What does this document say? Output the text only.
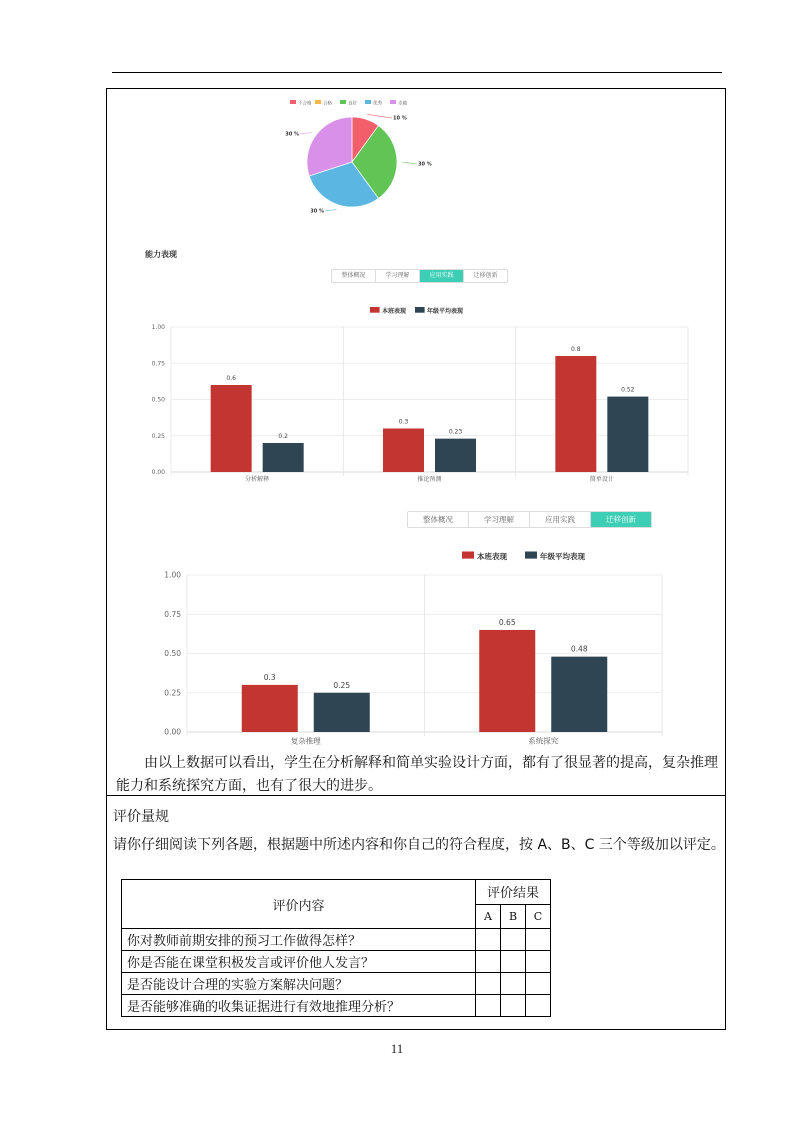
不合格	合格	良好	优秀	卓越
10 %
30 %
30 %
30 %
能力表现
整体概况	学习理解	应用实践	迁移创新
本班表现	年级平均表现
0.00
0.25
0.50
0.75
1.00
分析解释
0.6
0.2
推论预测
0.3
0.23
简单设计
0.8
0.52
整体概况	学习理解	应用实践	迁移创新
本班表现	年级平均表现
0.00
0.25
0.50
0.75
1.00
复杂推理
0.3
0.25
系统探究
0.65
0.48
由以上数据可以看出，学生在分析解释和简单实验设计方面，都有了很显著的提高，复杂推理能力和系统探究方面，也有了很大的进步。
评价量规
请你仔细阅读下列各题，根据题中所述内容和你自己的符合程度，按 A、B、C 三个等级加以评定。
评价内容	评价结果		
	A	B	C
你对教师前期安排的预习工作做得怎样？			
你是否能在课堂积极发言或评价他人发言？			
是否能设计合理的实验方案解决问题？			
是否能够准确的收集证据进行有效地推理分析？			
11
